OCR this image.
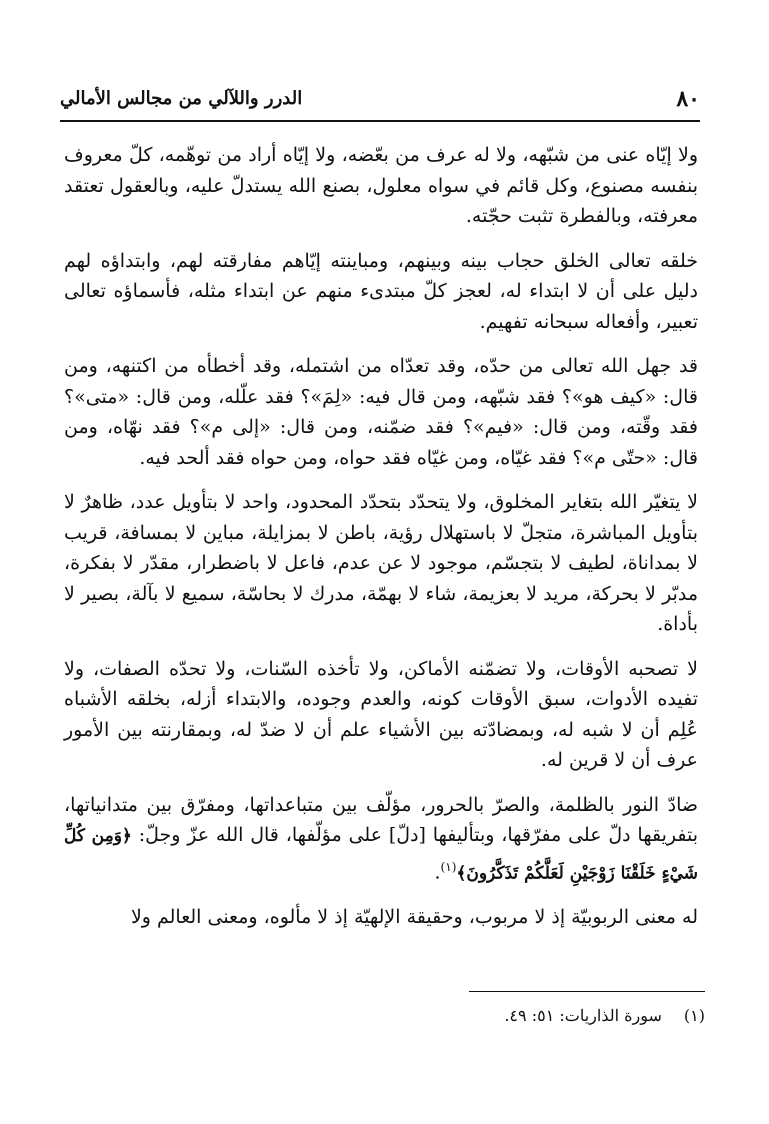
٨٠
الدرر واللآلي من مجالس الأمالي

ولا إيّاه عنى من شبّهه، ولا له عرف من بعّضه، ولا إيّاه أراد من توهّمه، كلّ معروف بنفسه مصنوع، وكل قائم في سواه معلول، بصنع الله يستدلّ عليه، وبالعقول تعتقد معرفته، وبالفطرة تثبت حجّته.

خلقه تعالى الخلق حجاب بينه وبينهم، ومباينته إيّاهم مفارقته لهم، وابتداؤه لهم دليل على أن لا ابتداء له، لعجز كلّ مبتدىء منهم عن ابتداء مثله، فأسماؤه تعالى تعبير، وأفعاله سبحانه تفهيم.

قد جهل الله تعالى من حدّه، وقد تعدّاه من اشتمله، وقد أخطأه من اكتنهه، ومن قال: «كيف هو»؟ فقد شبّهه، ومن قال فيه: «لِمَ»؟ فقد علّله، ومن قال: «متى»؟ فقد وقّته، ومن قال: «فيم»؟ فقد ضمّنه، ومن قال: «إلى م»؟ فقد نهّاه، ومن قال: «حتّى م»؟ فقد غيّاه، ومن غيّاه فقد حواه، ومن حواه فقد ألحد فيه.

لا يتغيّر الله بتغاير المخلوق، ولا يتحدّد بتحدّد المحدود، واحد لا بتأويل عدد، ظاهرٌ لا بتأويل المباشرة، متجلّ لا باستهلال رؤية، باطن لا بمزايلة، مباين لا بمسافة، قريب لا بمداناة، لطيف لا بتجسّم، موجود لا عن عدم، فاعل لا باضطرار، مقدّر لا بفكرة، مدبّر لا بحركة، مريد لا بعزيمة، شاء لا بهمّة، مدرك لا بحاسّة، سميع لا بآلة، بصير لا بأداة.

لا تصحبه الأوقات، ولا تضمّنه الأماكن، ولا تأخذه السّنات، ولا تحدّه الصفات، ولا تفيده الأدوات، سبق الأوقات كونه، والعدم وجوده، والابتداء أزله، بخلقه الأشباه عُلِم أن لا شبه له، وبمضادّته بين الأشياء علم أن لا ضدّ له، وبمقارنته بين الأمور عرف أن لا قرين له.

ضادّ النور بالظلمة، والصرّ بالحرور، مؤلّف بين متباعداتها، ومفرّق بين متدانياتها، بتفريقها دلّ على مفرّقها، وبتأليفها [دلّ] على مؤلّفها، قال الله عزّ وجلّ: ﴿وَمِن كُلِّ شَيْءٍ خَلَقْنَا زَوْجَيْنِ لَعَلَّكُمْ تَذَكَّرُونَ﴾$^{(١)}$.

له معنى الربوبيّة إذ لا مربوب، وحقيقة الإلهيّة إذ لا مألوه، ومعنى العالم ولا

(١)سورة الذاريات: ٥١: ٤٩.
